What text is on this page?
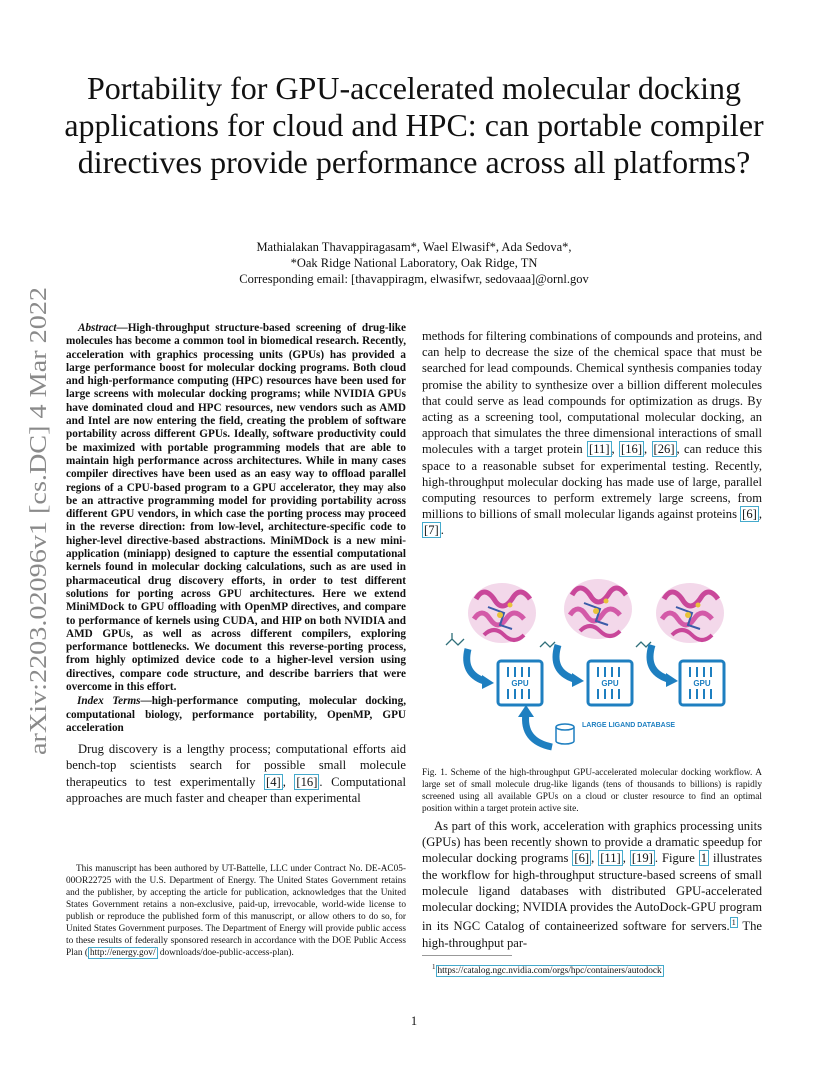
arXiv:2203.02096v1 [cs.DC] 4 Mar 2022
Portability for GPU-accelerated molecular docking applications for cloud and HPC: can portable compiler directives provide performance across all platforms?
Mathialakan Thavappiragasam*, Wael Elwasif*, Ada Sedova*,
*Oak Ridge National Laboratory, Oak Ridge, TN
Corresponding email: [thavappiragm, elwasifwr, sedovaaa]@ornl.gov

Abstract—High-throughput structure-based screening of drug-like molecules has become a common tool in biomedical research. Recently, acceleration with graphics processing units (GPUs) has provided a large performance boost for molecular docking programs. Both cloud and high-performance computing (HPC) resources have been used for large screens with molecular docking programs; while NVIDIA GPUs have dominated cloud and HPC resources, new vendors such as AMD and Intel are now entering the field, creating the problem of software portability across different GPUs. Ideally, software productivity could be maximized with portable programming models that are able to maintain high performance across architectures. While in many cases compiler directives have been used as an easy way to offload parallel regions of a CPU-based program to a GPU accelerator, they may also be an attractive programming model for providing portability across different GPU vendors, in which case the porting process may proceed in the reverse direction: from low-level, architecture-specific code to higher-level directive-based abstractions. MiniMDock is a new mini-application (miniapp) designed to capture the essential computational kernels found in molecular docking calculations, such as are used in pharmaceutical drug discovery efforts, in order to test different solutions for porting across GPU architectures. Here we extend MiniMDock to GPU offloading with OpenMP directives, and compare to performance of kernels using CUDA, and HIP on both NVIDIA and AMD GPUs, as well as across different compilers, exploring performance bottlenecks. We document this reverse-porting process, from highly optimized device code to a higher-level version using directives, compare code structure, and describe barriers that were overcome in this effort.

Index Terms—high-performance computing, molecular docking, computational biology, performance portability, OpenMP, GPU acceleration

Drug discovery is a lengthy process; computational efforts aid bench-top scientists search for possible small molecule therapeutics to test experimentally [4] , [16] . Computational approaches are much faster and cheaper than experimental

This manuscript has been authored by UT-Battelle, LLC under Contract No. DE-AC05-00OR22725 with the U.S. Department of Energy. The United States Government retains and the publisher, by accepting the article for publication, acknowledges that the United States Government retains a non-exclusive, paid-up, irrevocable, world-wide license to publish or reproduce the published form of this manuscript, or allow others to do so, for United States Government purposes. The Department of Energy will provide public access to these results of federally sponsored research in accordance with the DOE Public Access Plan ( http://energy.gov/ downloads/doe-public-access-plan).

methods for filtering combinations of compounds and proteins, and can help to decrease the size of the chemical space that must be searched for lead compounds. Chemical synthesis companies today promise the ability to synthesize over a billion different molecules that could serve as lead compounds for optimization as drugs. By acting as a screening tool, computational molecular docking, an approach that simulates the three dimensional interactions of small molecules with a target protein [11] , [16] , [26] , can reduce this space to a reasonable subset for experimental testing. Recently, high-throughput molecular docking has made use of large, parallel computing resources to perform extremely large screens, from millions to billions of small molecular ligands against proteins [6] , [7] .

GPU	GPU	GPU
LARGE LIGAND DATABASE

Fig. 1. Scheme of the high-throughput GPU-accelerated molecular docking workflow. A large set of small molecule drug-like ligands (tens of thousands to billions) is rapidly screened using all available GPUs on a cloud or cluster resource to find an optimal position within a target protein active site.

As part of this work, acceleration with graphics processing units (GPUs) has been recently shown to provide a dramatic speedup for molecular docking programs [6] , [11] , [19] . Figure 1 illustrates the workflow for high-throughput structure-based screens of small molecule ligand databases with distributed GPU-accelerated molecular docking; NVIDIA provides the AutoDock-GPU program in its NGC Catalog of containeerized software for servers. $^1$ The high-throughput par-

$^1$ https://catalog.ngc.nvidia.com/orgs/hpc/containers/autodock
1
